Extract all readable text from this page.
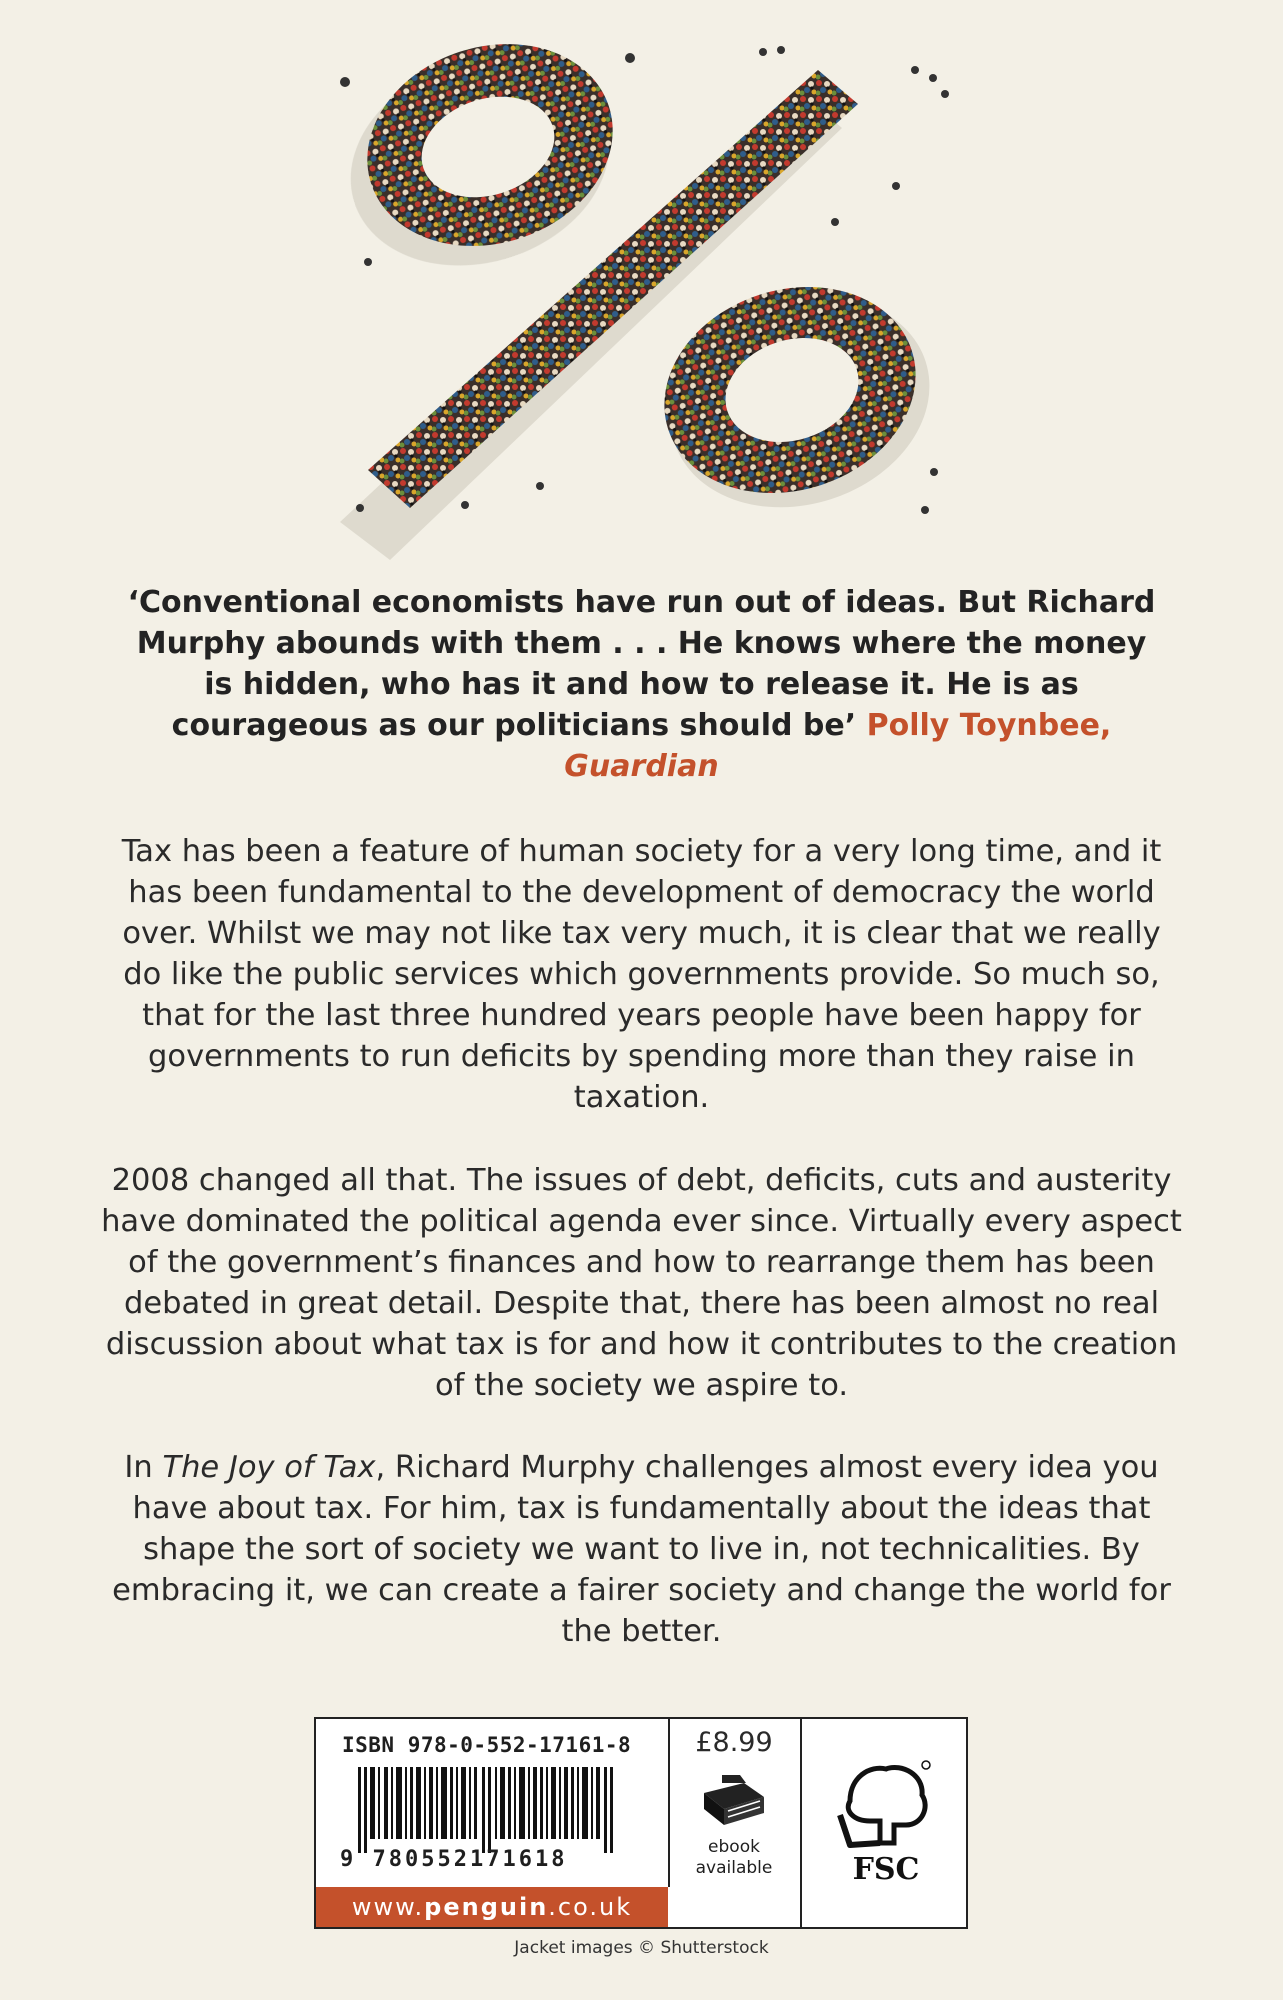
‘Conventional economists have run out of ideas. But Richard Murphy abounds with them . . . He knows where the money is hidden, who has it and how to release it. He is as courageous as our politicians should be’ Polly Toynbee, Guardian
Tax has been a feature of human society for a very long time, and it has been fundamental to the development of democracy the world over. Whilst we may not like tax very much, it is clear that we really do like the public services which governments provide. So much so, that for the last three hundred years people have been happy for governments to run deficits by spending more than they raise in taxation.
2008 changed all that. The issues of debt, deficits, cuts and austerity have dominated the political agenda ever since. Virtually every aspect of the government’s finances and how to rearrange them has been debated in great detail. Despite that, there has been almost no real discussion about what tax is for and how it contributes to the creation of the society we aspire to.
In The Joy of Tax, Richard Murphy challenges almost every idea you have about tax. For him, tax is fundamentally about the ideas that shape the sort of society we want to live in, not technicalities. By embracing it, we can create a fairer society and change the world for the better.
ISBN 978-0-552-17161-8
9 780552171618
£8.99
ebook
available	FSC
www.penguin.co.uk
Jacket images © Shutterstock
